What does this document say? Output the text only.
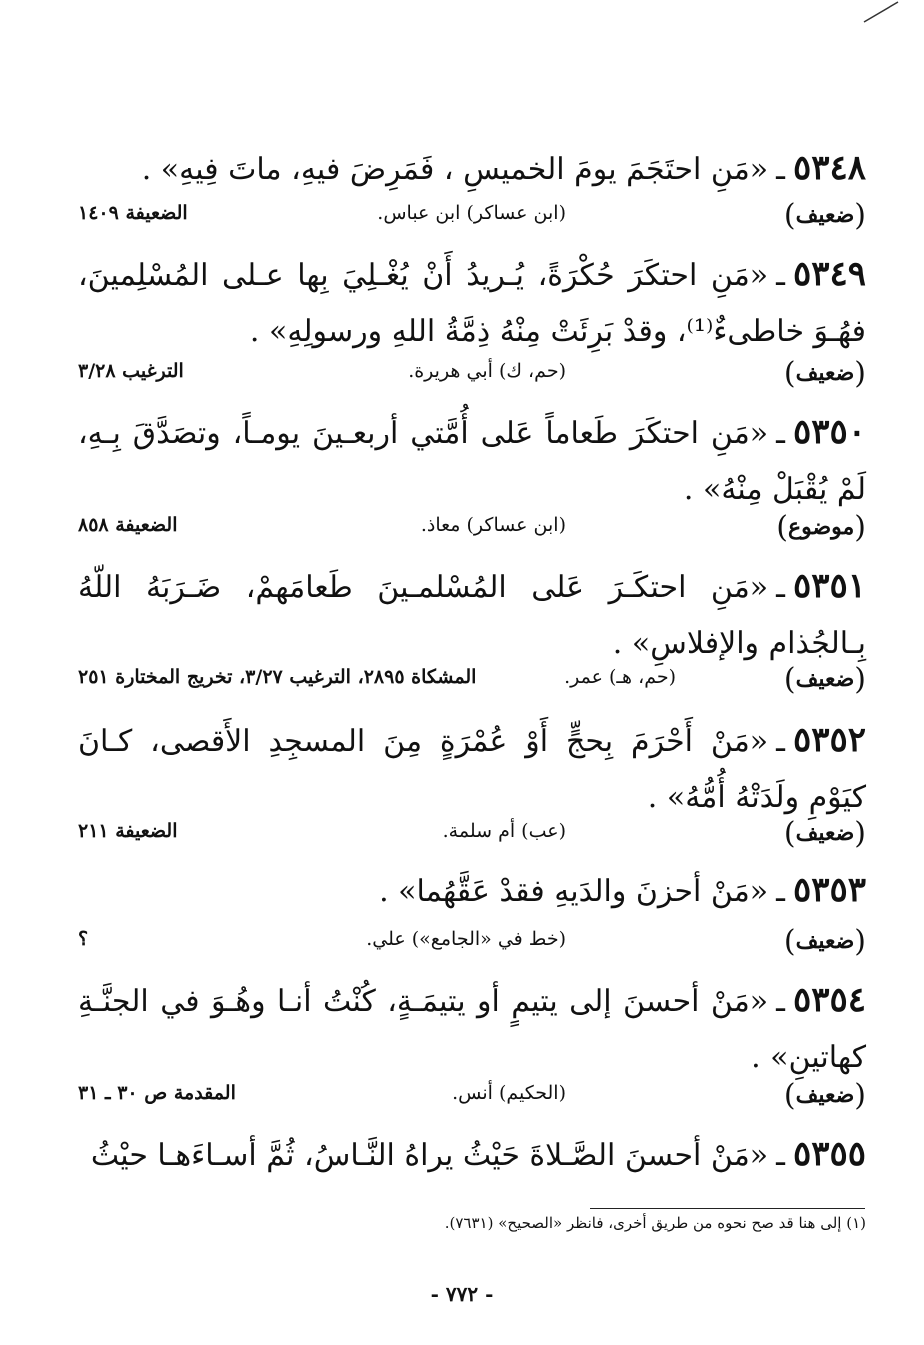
٥٣٤٨ـ«مَنِ احتَجَمَ يومَ الخميسِ ، فَمَرِضَ فيهِ، ماتَ فِيهِ» .
(ضعيف)
(ابن عساكر) ابن عباس.
الضعيفة ١٤٠٩
٥٣٤٩ـ«مَنِ احتكَرَ حُكْرَةً، يُـريدُ أَنْ يُغْـلِيَ بِها عـلى المُسْلِمينَ، فهُـوَ خاطىءٌ⁽¹⁾، وقدْ بَرِئَتْ مِنْهُ ذِمَّةُ اللهِ ورسولِهِ» .
(ضعيف)
(حم، ك) أبي هريرة.
الترغيب ٣/٢٨
٥٣٥٠ـ«مَنِ احتكَرَ طَعاماً عَلى أُمَّتي أربعـينَ يومـاً، وتصَدَّقَ بِـهِ، لَمْ يُقْبَلْ مِنْهُ» .
(موضوع)
(ابن عساكر) معاذ.
الضعيفة ٨٥٨
٥٣٥١ـ«مَنِ احتكَـرَ عَلى المُسْلمـينَ طَعامَهمْ، ضَـرَبَهُ اللّهُ بِـالجُذام والإفلاسِ» .
(ضعيف)
(حم، هـ) عمر.
المشكاة ٢٨٩٥، الترغيب ٣/٢٧، تخريج المختارة ٢٥١
٥٣٥٢ـ«مَنْ أَحْرَمَ بِحجٍّ أَوْ عُمْرَةٍ مِنَ المسجِدِ الأَقصى، كـانَ كيَوْمِ ولَدَتْهُ أُمُّهُ» .
(ضعيف)
(عب) أم سلمة.
الضعيفة ٢١١
٥٣٥٣ـ«مَنْ أحزنَ والدَيهِ فقدْ عَقَّهُما» .
(ضعيف)
(خط في «الجامع») علي.
؟
٥٣٥٤ـ«مَنْ أحسنَ إلى يتيمٍ أو يتيمَـةٍ، كُنْتُ أنـا وهُـوَ في الجنَّـةِ كهاتينِ» .
(ضعيف)
(الحكيم) أنس.
المقدمة ص ٣٠ ـ ٣١
٥٣٥٥ـ«مَنْ أحسنَ الصَّـلاةَ حَيْثُ يراهُ النَّـاسُ، ثُمَّ أسـاءَهـا حيْثُ
(١) إلى هنا قد صح نحوه من طريق أخرى، فانظر «الصحيح» (٧٦٣١).
- ٧٧٢ -
